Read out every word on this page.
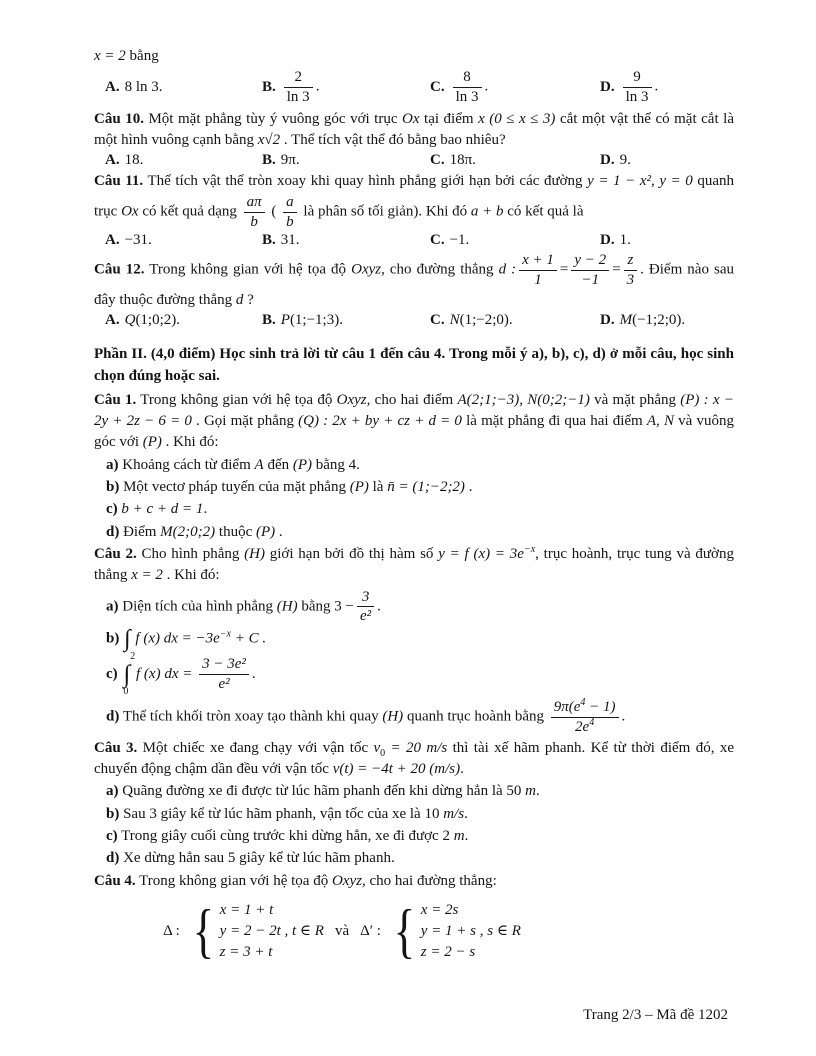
x = 2 bằng

A. 8 ln 3.	B. $\frac{2}{\ln 3}$ .	C. $\frac{8}{\ln 3}$ .	D. $\frac{9}{\ln 3}$ .

Câu 10. Một mặt phẳng tùy ý vuông góc với trục Ox tại điểm x (0 ≤ x ≤ 3) cắt một vật thể có mặt cắt là một hình vuông cạnh bằng x√2 . Thể tích vật thể đó bằng bao nhiêu?

A. 18.	B. 9π.	C. 18π.	D. 9.

Câu 11. Thể tích vật thể tròn xoay khi quay hình phẳng giới hạn bởi các đường y = 1 − x², y = 0 quanh trục Ox có kết quả dạng $\frac{a\pi}{b}$ ( $\frac{a}{b}$ là phân số tối giản). Khi đó a + b có kết quả là

A. −31.	B. 31.	C. −1.	D. 1.

Câu 12. Trong không gian với hệ tọa độ Oxyz, cho đường thẳng d : $\frac{x + 1}{1} = \frac{y - 2}{-1} = \frac{z}{3}$ . Điểm nào sau đây thuộc đường thẳng d ?

A. Q(1;0;2).	B. P(1;−1;3).	C. N(1;−2;0).	D. M(−1;2;0).

Phần II. (4,0 điểm) Học sinh trả lời từ câu 1 đến câu 4. Trong mỗi ý a), b), c), d) ở mỗi câu, học sinh chọn đúng hoặc sai.

Câu 1. Trong không gian với hệ tọa độ Oxyz, cho hai điểm A(2;1;−3), N(0;2;−1) và mặt phẳng (P) : x − 2y + 2z − 6 = 0 . Gọi mặt phẳng (Q) : 2x + by + cz + d = 0 là mặt phẳng đi qua hai điểm A, N và vuông góc với (P) . Khi đó:

a) Khoảng cách từ điểm A đến (P) bằng 4.

b) Một vectơ pháp tuyến của mặt phẳng (P) là n̄ = (1;−2;2) .

c) b + c + d = 1.

d) Điểm M(2;0;2) thuộc (P) .

Câu 2. Cho hình phẳng (H) giới hạn bởi đồ thị hàm số y = f $(x) = 3e^{-x}$, trục hoành, trục tung và đường thẳng x = 2 . Khi đó:

a) Diện tích của hình phẳng (H) bằng $3 - \frac{3}{\text{e²}}$ .

b) ∫ f (x) dx = $-3e^{-x} + C$ .

c)
2
∫
0
f (x) dx = $\frac{\text{3 − 3e²}}{\text{e²}}$ .

d) Thể tích khối tròn xoay tạo thành khi quay (H) quanh trục hoành bằng $\frac{9\pi(e^4 - 1)}{2e^4}$ .

Câu 3. Một chiếc xe đang chạy với vận tốc $v_0 = 20$ m/s thì tài xế hãm phanh. Kể từ thời điểm đó, xe chuyển động chậm dần đều với vận tốc v(t) = −4t + 20 (m/s).

a) Quãng đường xe đi được từ lúc hãm phanh đến khi dừng hẳn là 50 m.

b) Sau 3 giây kể từ lúc hãm phanh, vận tốc của xe là 10 m/s.

c) Trong giây cuối cùng trước khi dừng hẳn, xe đi được 2 m.

d) Xe dừng hẳn sau 5 giây kể từ lúc hãm phanh.

Câu 4. Trong không gian với hệ tọa độ Oxyz, cho hai đường thẳng:

Δ : { x = 1 + t
y = 2 − 2t , t ∈ R
z = 3 + t
và Δ′ : { x = 2s
y = 1 + s , s ∈ R
z = 2 − s
Trang 2/3 – Mã đề 1202
